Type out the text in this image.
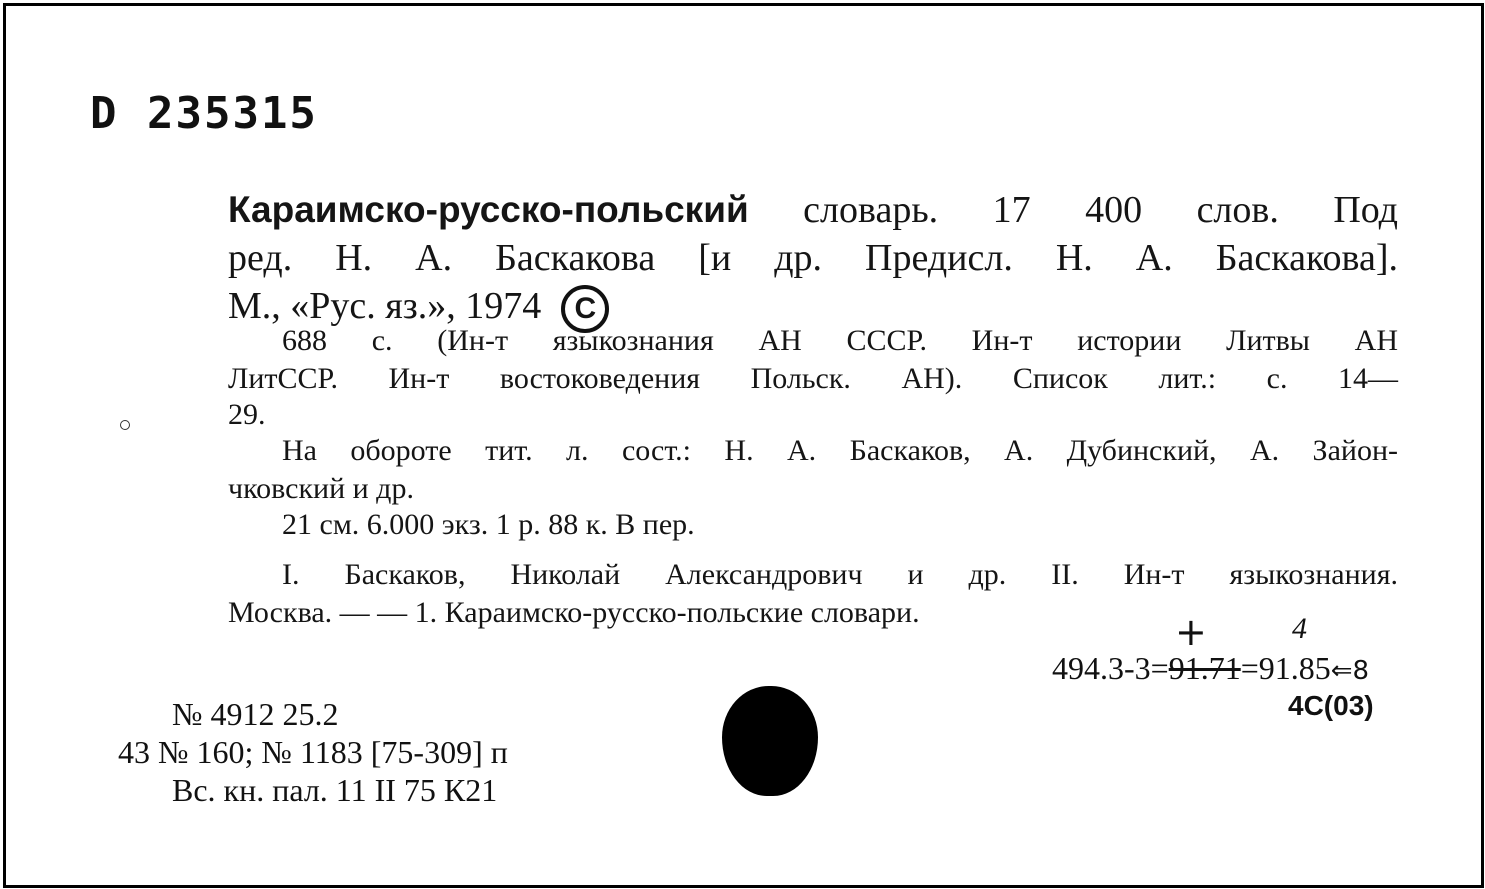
D 235315
Караимско-русско-польский словарь. 17 400 слов. Под
ред. Н. А. Баскакова [и др. Предисл. Н. А. Баскакова].
М., «Рус. яз.», 1974 C
688 с. (Ин-т языкознания АН СССР. Ин-т истории Литвы АН
ЛитССР. Ин-т востоковедения Польск. АН). Список лит.: с. 14—
29.
На обороте тит. л. сост.: Н. А. Баскаков, А. Дубинский, А. Зайон-
чковский и др.
21 см. 6.000 экз. 1 р. 88 к. В пер.
I. Баскаков, Николай Александрович и др. II. Ин-т языкознания.
Москва. — — 1. Караимско-русско-польские словари.	+	4
494.3-3=91.71=91.85⇐8
4C(03)
№ 4912 25.2
43 № 160; № 1183 [75-309] п
Вс. кн. пал. 11 II 75 К21
